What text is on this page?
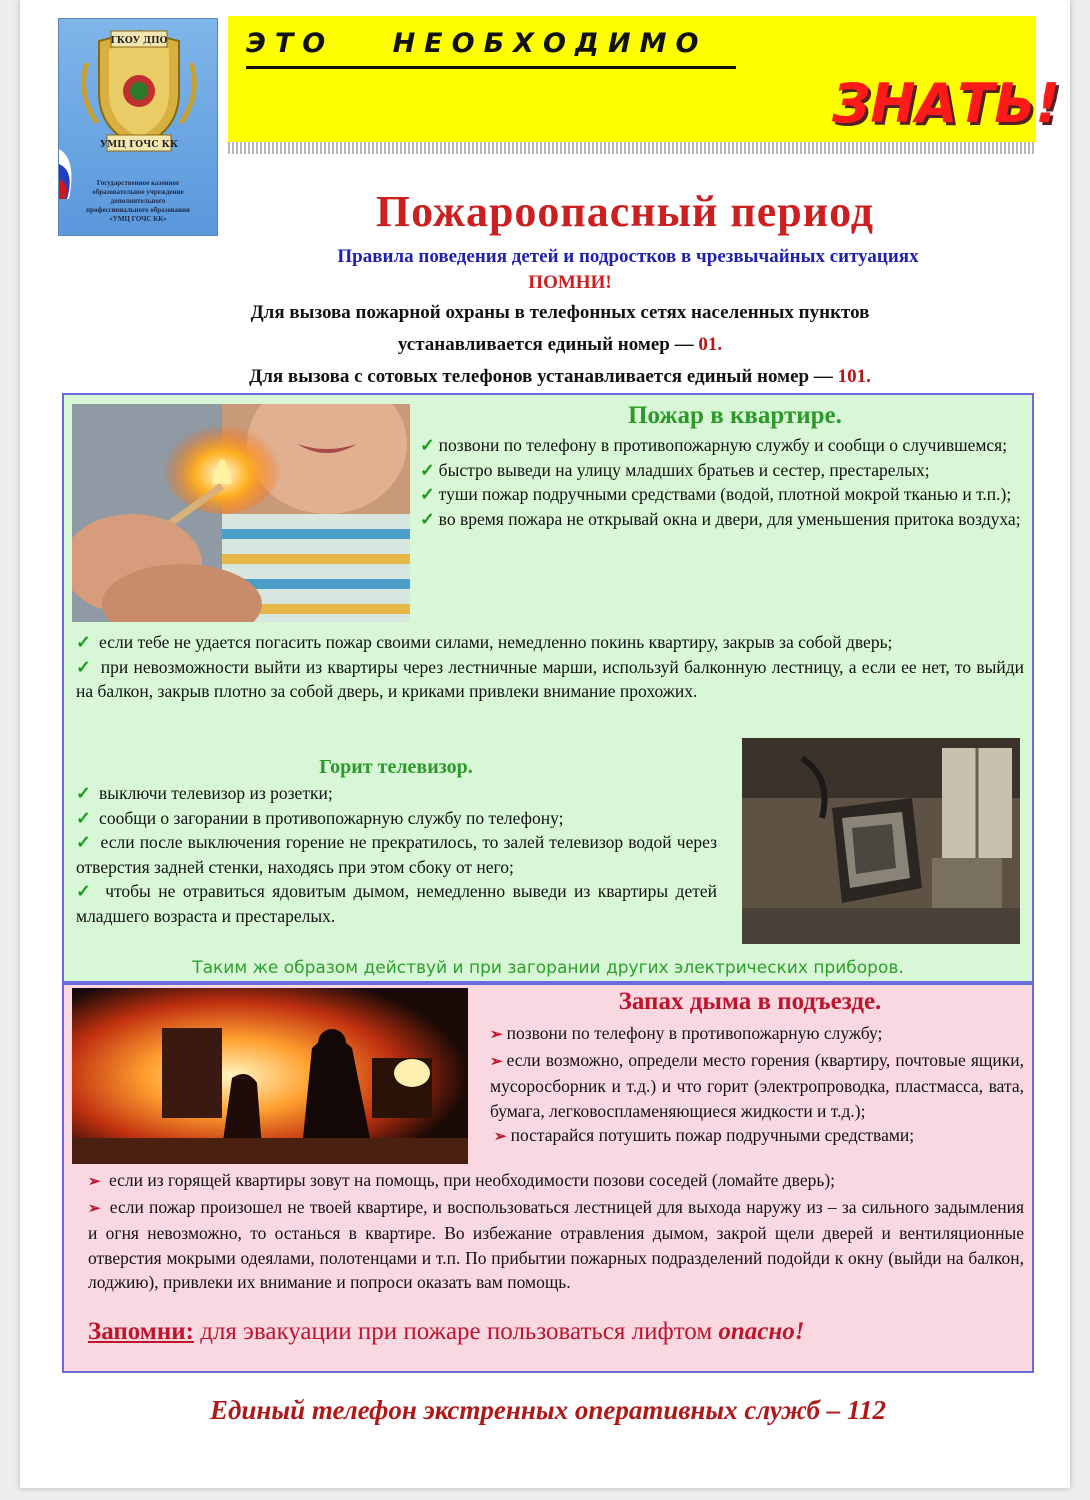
ГКОУ ДПО
УМЦ ГОЧС КК
Государственное казенное
образовательное учреждение
дополнительного
профессионального образования
«УМЦ ГОЧС КК»
ЭТО НЕОБХОДИМО
ЗНАТЬ!
Пожароопасный период
Правила поведения детей и подростков в чрезвычайных ситуациях
ПОМНИ!
Для вызова пожарной охраны в телефонных сетях населенных пунктов
устанавливается единый номер — 01.
Для вызова с сотовых телефонов устанавливается единый номер — 101.
Пожар в квартире.
✓ позвони по телефону в противопожарную службу и сообщи о случившемся;
✓ быстро выведи на улицу младших братьев и сестер, престарелых;
✓ туши пожар подручными средствами (водой, плотной мокрой тканью и т.п.);
✓ во время пожара не открывай окна и двери, для уменьшения притока воздуха;
✓ если тебе не удается погасить пожар своими силами, немедленно покинь квартиру, закрыв за собой дверь;
✓ при невозможности выйти из квартиры через лестничные марши, используй балконную лестницу, а если ее нет, то выйди на балкон, закрыв плотно за собой дверь, и криками привлеки внимание прохожих.
Горит телевизор.
✓ выключи телевизор из розетки;
✓ сообщи о загорании в противопожарную службу по телефону;
✓ если после выключения горение не прекратилось, то залей телевизор водой через отверстия задней стенки, находясь при этом сбоку от него;
✓ чтобы не отравиться ядовитым дымом, немедленно выведи из квартиры детей младшего возраста и престарелых.
Таким же образом действуй и при загорании других электрических приборов.
Запах дыма в подъезде.
➢ позвони по телефону в противопожарную службу;
➢ если возможно, определи место горения (квартиру, почтовые ящики, мусоросборник и т.д.) и что горит (электропроводка, пластмасса, вата, бумага, легковоспламеняющиеся жидкости и т.д.);
➢ постарайся потушить пожар подручными средствами;
➢ если из горящей квартиры зовут на помощь, при необходимости позови соседей (ломайте дверь);
➢ если пожар произошел не твоей квартире, и воспользоваться лестницей для выхода наружу из – за сильного задымления и огня невозможно, то останься в квартире. Во избежание отравления дымом, закрой щели дверей и вентиляционные отверстия мокрыми одеялами, полотенцами и т.п. По прибытии пожарных подразделений подойди к окну (выйди на балкон, лоджию), привлеки их внимание и попроси оказать вам помощь.
Запомни: для эвакуации при пожаре пользоваться лифтом опасно!
Единый телефон экстренных оперативных служб – 112
